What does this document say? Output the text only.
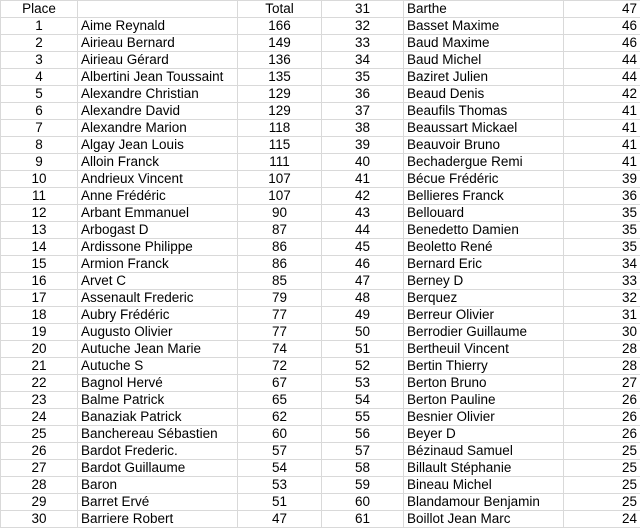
Place		Total	31	Barthe	47
1	Aime Reynald	166	32	Basset Maxime	46
2	Airieau Bernard	149	33	Baud Maxime	46
3	Airieau Gérard	136	34	Baud Michel	44
4	Albertini Jean Toussaint	135	35	Baziret Julien	44
5	Alexandre Christian	129	36	Beaud Denis	42
6	Alexandre David	129	37	Beaufils Thomas	41
7	Alexandre Marion	118	38	Beaussart Mickael	41
8	Algay Jean Louis	115	39	Beauvoir Bruno	41
9	Alloin Franck	111	40	Bechadergue Remi	41
10	Andrieux Vincent	107	41	Bécue Frédéric	39
11	Anne Frédéric	107	42	Bellieres Franck	36
12	Arbant Emmanuel	90	43	Bellouard	35
13	Arbogast D	87	44	Benedetto Damien	35
14	Ardissone Philippe	86	45	Beoletto René	35
15	Armion Franck	86	46	Bernard Eric	34
16	Arvet C	85	47	Berney D	33
17	Assenault Frederic	79	48	Berquez	32
18	Aubry Frédéric	77	49	Berreur Olivier	31
19	Augusto Olivier	77	50	Berrodier Guillaume	30
20	Autuche Jean Marie	74	51	Bertheuil Vincent	28
21	Autuche S	72	52	Bertin Thierry	28
22	Bagnol Hervé	67	53	Berton Bruno	27
23	Balme Patrick	65	54	Berton Pauline	26
24	Banaziak Patrick	62	55	Besnier Olivier	26
25	Banchereau Sébastien	60	56	Beyer D	26
26	Bardot Frederic.	57	57	Bézinaud Samuel	25
27	Bardot Guillaume	54	58	Billault Stéphanie	25
28	Baron	53	59	Bineau Michel	25
29	Barret Ervé	51	60	Blandamour Benjamin	25
30	Barriere Robert	47	61	Boillot Jean Marc	24
